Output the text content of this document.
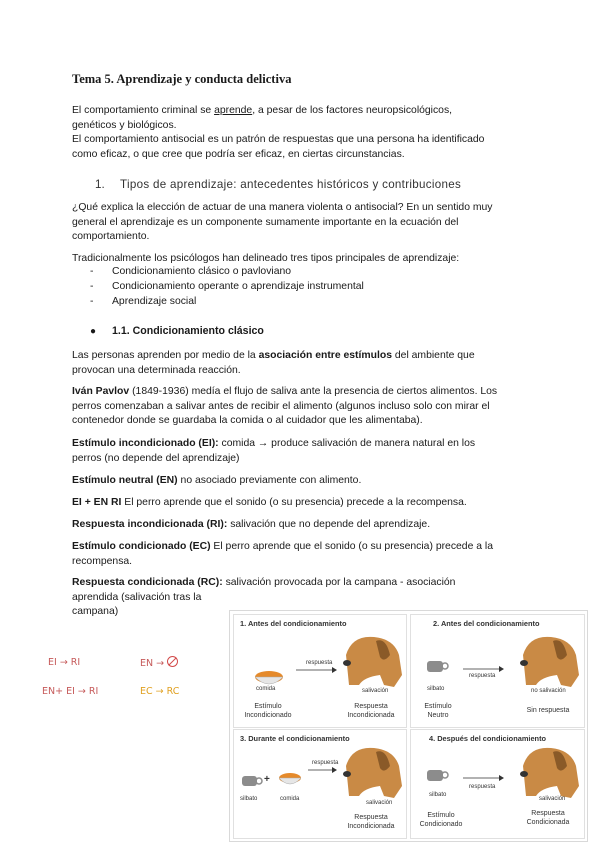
Tema 5. Aprendizaje y conducta delictiva
El comportamiento criminal se aprende, a pesar de los factores neuropsicológicos,
genéticos y biológicos.
El comportamiento antisocial es un patrón de respuestas que una persona ha identificado
como eficaz, o que cree que podría ser eficaz, en ciertas circunstancias.
1. Tipos de aprendizaje: antecedentes históricos y contribuciones
¿Qué explica la elección de actuar de una manera violenta o antisocial? En un sentido muy
general el aprendizaje es un componente sumamente importante en la ecuación del
comportamiento.
Tradicionalmente los psicólogos han delineado tres tipos principales de aprendizaje:
- Condicionamiento clásico o pavloviano
- Condicionamiento operante o aprendizaje instrumental
- Aprendizaje social
● 1.1. Condicionamiento clásico
Las personas aprenden por medio de la asociación entre estímulos del ambiente que
provocan una determinada reacción.
Iván Pavlov (1849-1936) medía el flujo de saliva ante la presencia de ciertos alimentos. Los
perros comenzaban a salivar antes de recibir el alimento (algunos incluso solo con mirar el
contenedor donde se guardaba la comida o al cuidador que les alimentaba).
Estímulo incondicionado (EI): comida → produce salivación de manera natural en los
perros (no depende del aprendizaje)
Estímulo neutral (EN) no asociado previamente con alimento.
EI + EN RI El perro aprende que el sonido (o su presencia) precede a la recompensa.
Respuesta incondicionada (RI): salivación que no depende del aprendizaje.
Estímulo condicionado (EC) El perro aprende que el sonido (o su presencia) precede a la
recompensa.
Respuesta condicionada (RC): salivación provocada por la campana - asociación
aprendida (salivación tras la
campana)
EI → RI	EN →
EN+ EI → RI	EC → RC
1. Antes del condicionamiento
comida
respuesta
salivación
Estímulo
Incondicionado
Respuesta
Incondicionada
2. Antes del condicionamiento
silbato
respuesta
no salivación
Estímulo
Neutro
Sin respuesta
3. Durante el condicionamiento
+
silbato	comida
respuesta
salivación
Respuesta
Incondicionada
4. Después del condicionamiento
silbato
respuesta
salivación
Estímulo
Condicionado
Respuesta
Condicionada
